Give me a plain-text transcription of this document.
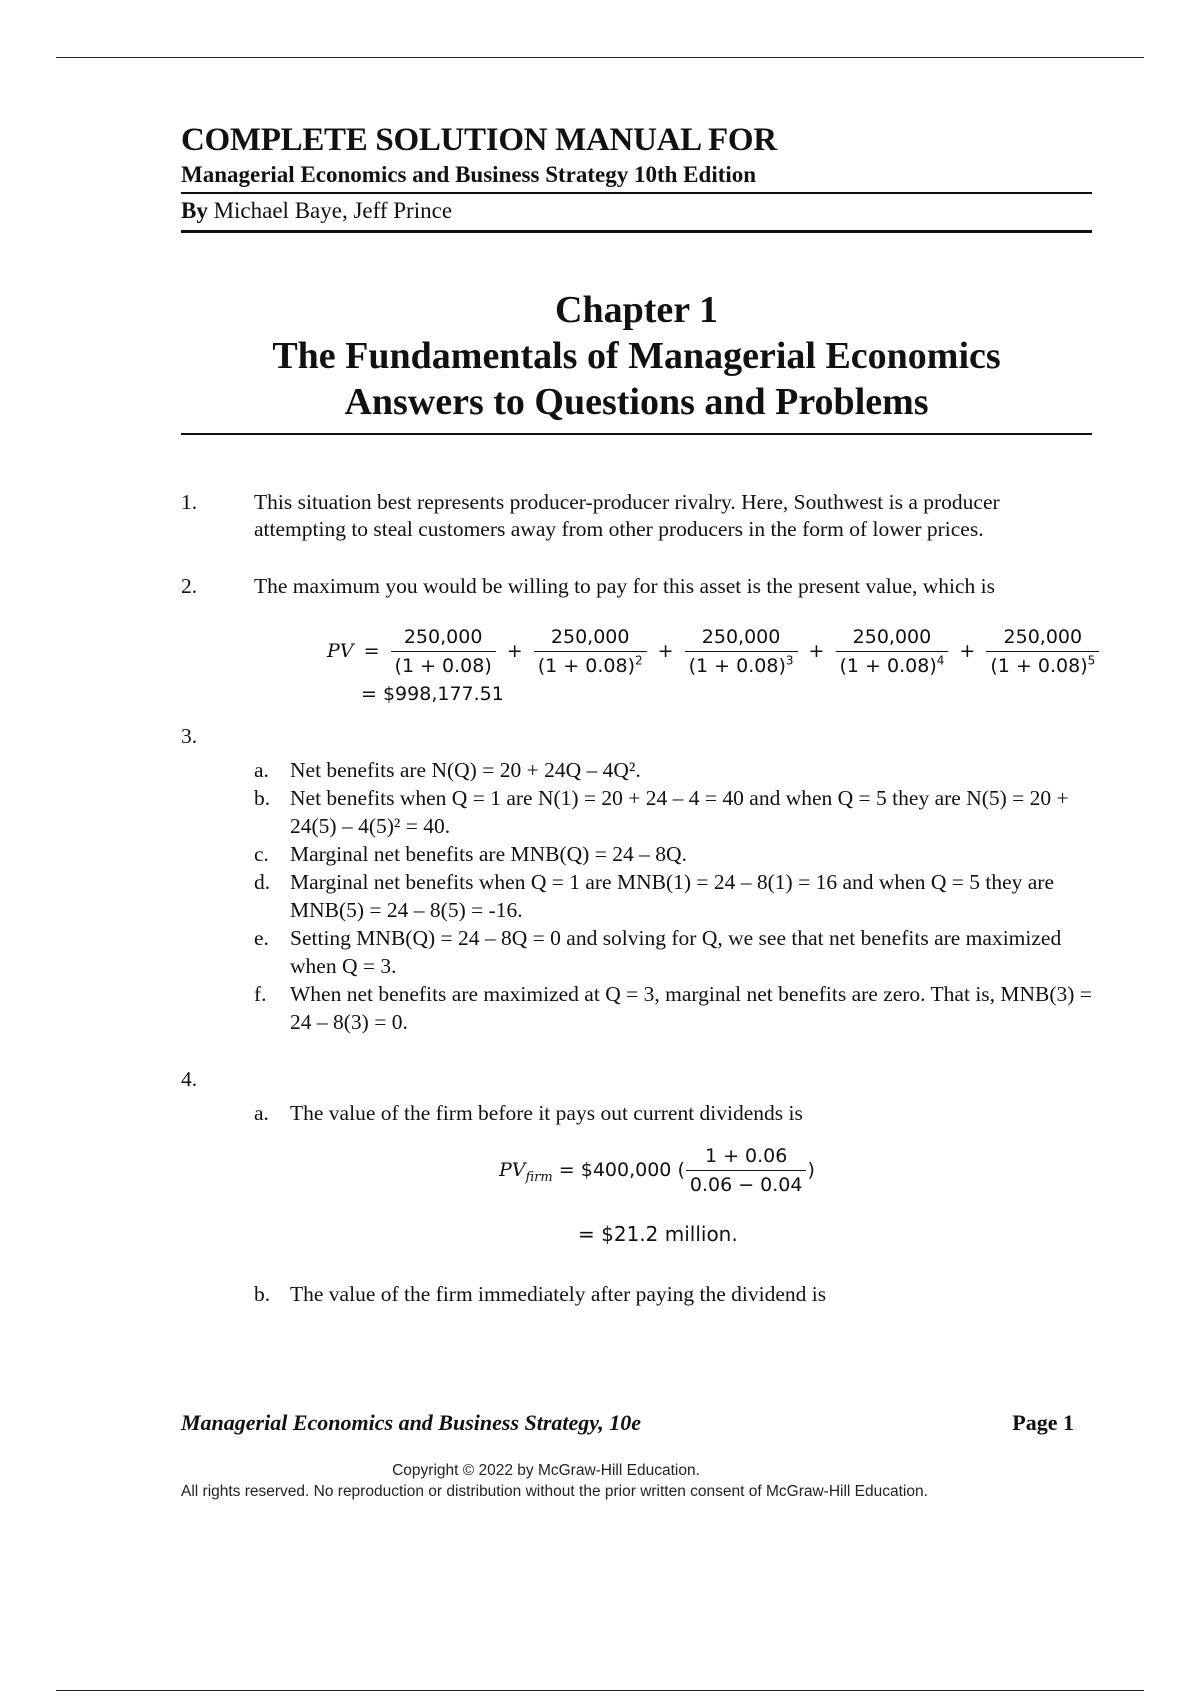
COMPLETE SOLUTION MANUAL FOR
Managerial Economics and Business Strategy 10th Edition
By Michael Baye, Jeff Prince
Chapter 1
The Fundamentals of Managerial Economics
Answers to Questions and Problems
1.	This situation best represents producer-producer rivalry. Here, Southwest is a producer attempting to steal customers away from other producers in the form of lower prices.
2.	The maximum you would be willing to pay for this asset is the present value, which is
PV = $\frac{250,000}{(1 + 0.08)} + \frac{250,000}{(1 + 0.08)^2} + \frac{250,000}{(1 + 0.08)^3} + \frac{250,000}{(1 + 0.08)^4} + \frac{250,000}{(1 + 0.08)^5}$
= $998,177.51
3.

a. Net benefits are N(Q) = 20 + 24Q – 4Q².
b. Net benefits when Q = 1 are N(1) = 20 + 24 – 4 = 40 and when Q = 5 they are N(5) = 20 + 24(5) – 4(5)² = 40.
c. Marginal net benefits are MNB(Q) = 24 – 8Q.
d. Marginal net benefits when Q = 1 are MNB(1) = 24 – 8(1) = 16 and when Q = 5 they are MNB(5) = 24 – 8(5) = -16.
e. Setting MNB(Q) = 24 – 8Q = 0 and solving for Q, we see that net benefits are maximized when Q = 3.
f. When net benefits are maximized at Q = 3, marginal net benefits are zero. That is, MNB(3) = 24 – 8(3) = 0.
4.

a. The value of the firm before it pays out current dividends is
$PV_{firm}$ = $400,000 ( $\frac{1 + 0.06}{0.06 - 0.04}$ )
= $21.2 million.
b. The value of the firm immediately after paying the dividend is
Managerial Economics and Business Strategy, 10e	Page 1
Copyright © 2022 by McGraw-Hill Education.
All rights reserved. No reproduction or distribution without the prior written consent of McGraw-Hill Education.
